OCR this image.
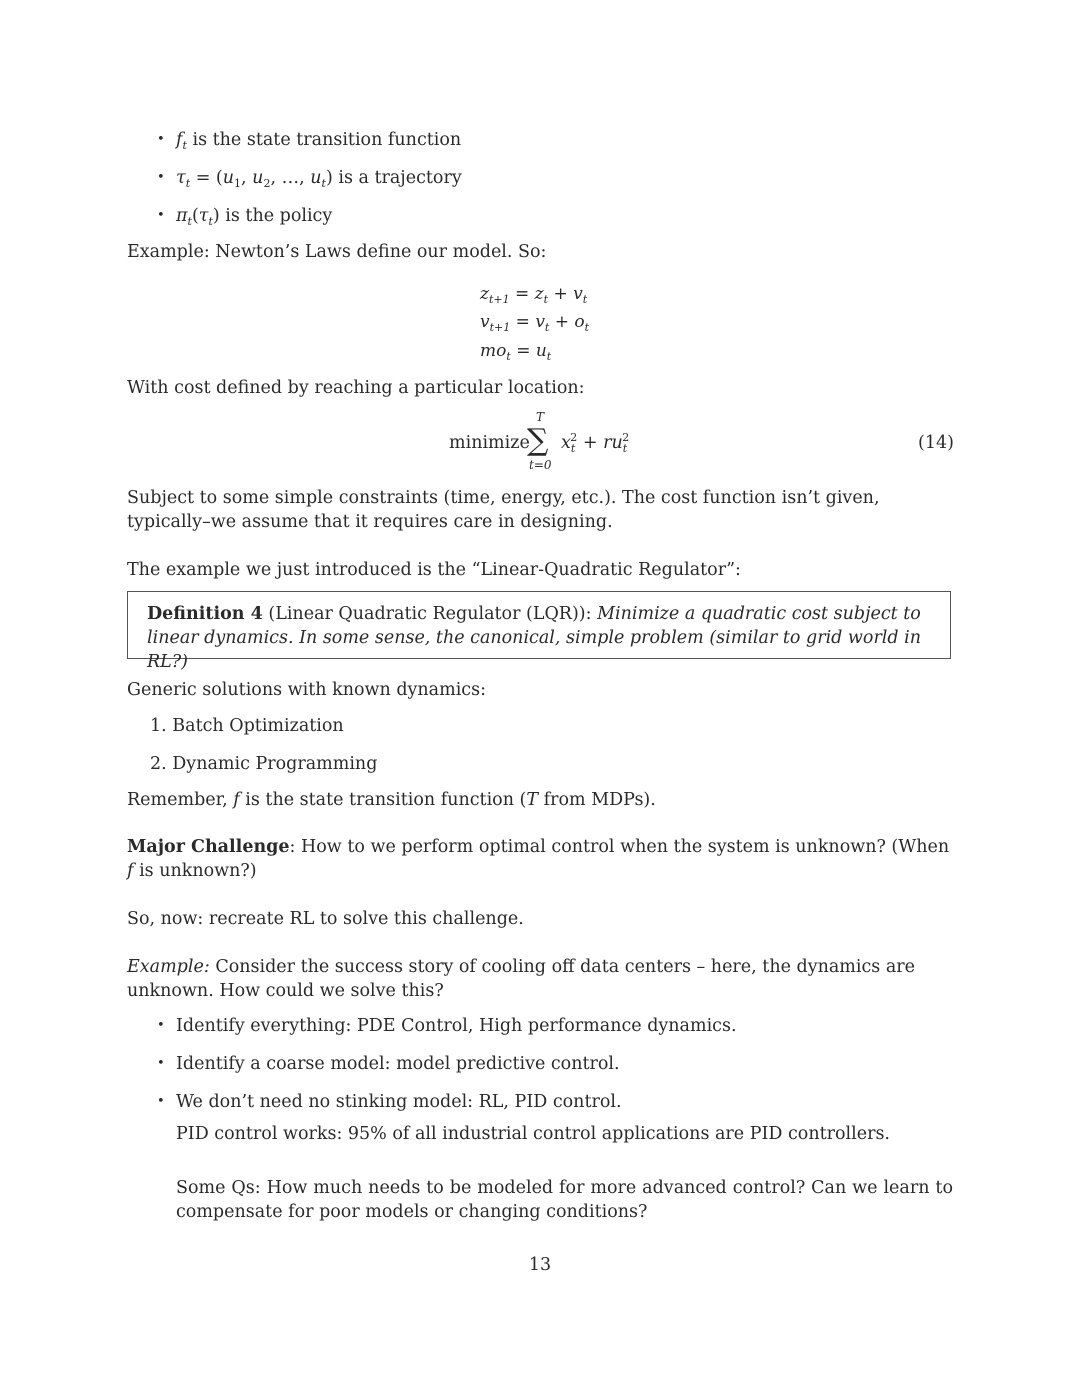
• $f_t$ is the state transition function
• $\tau_t = (u_1$, $u_2$, …, $u_t$) is a trajectory
• $\pi_t(\tau_t)$ is the policy
Example: Newton’s Laws define our model. So:
$z_{t+1} = z_t + v_t$
$v_{t+1} = v_t + o_t$
$mo_t = u_t$
With cost defined by reaching a particular location:
minimize
T
∑
t=0
$x_t^2 + ru_t^2$	(14)
Subject to some simple constraints (time, energy, etc.). The cost function isn’t given, typically–we assume that it requires care in designing.
The example we just introduced is the “Linear-Quadratic Regulator”:
Definition 4 (Linear Quadratic Regulator (LQR)): Minimize a quadratic cost subject to linear dynamics. In some sense, the canonical, simple problem (similar to grid world in RL?)
Generic solutions with known dynamics:
1. Batch Optimization
2. Dynamic Programming
Remember, f is the state transition function (T from MDPs).
Major Challenge: How to we perform optimal control when the system is unknown? (When f is unknown?)
So, now: recreate RL to solve this challenge.
Example: Consider the success story of cooling off data centers – here, the dynamics are unknown. How could we solve this?
• Identify everything: PDE Control, High performance dynamics.
• Identify a coarse model: model predictive control.
• We don’t need no stinking model: RL, PID control.
PID control works: 95% of all industrial control applications are PID controllers.
Some Qs: How much needs to be modeled for more advanced control? Can we learn to compensate for poor models or changing conditions?
13
